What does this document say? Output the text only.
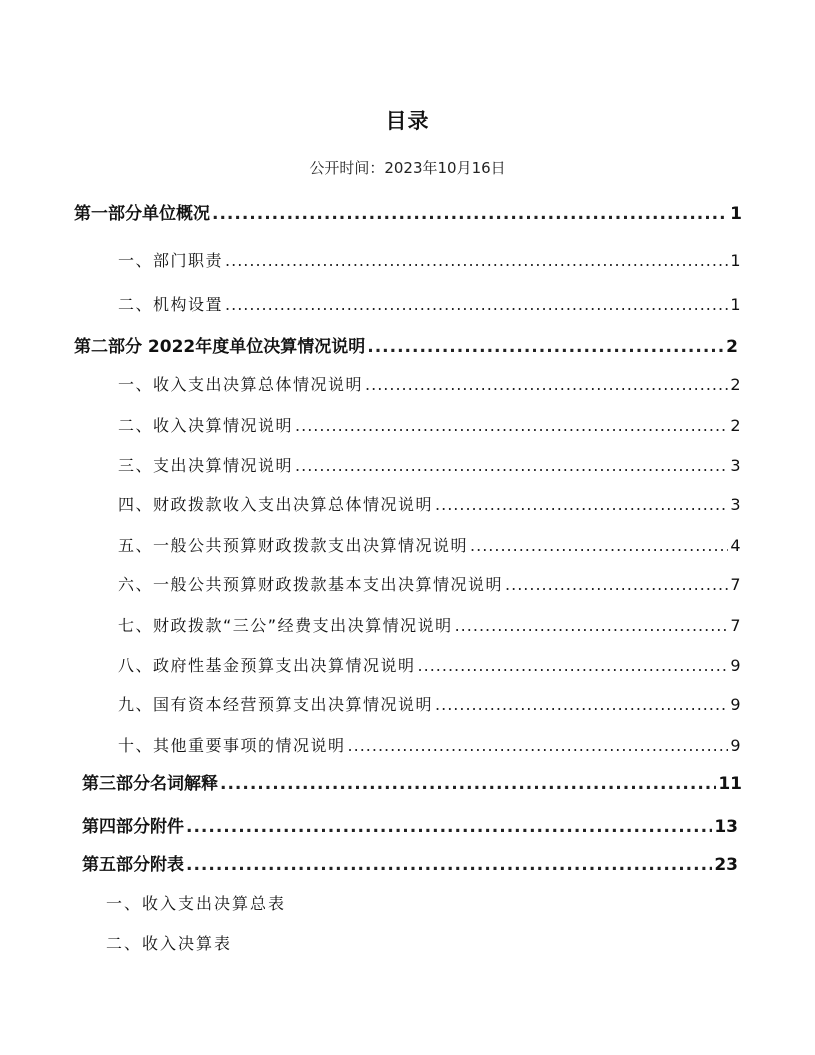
目录
公开时间：2023年10月16日
第一部分单位概况 .....	1
一、部门职责 .....	1
二、机构设置 .....	1
第二部分 2022年度单位决算情况说明 .....	2
一、收入支出决算总体情况说明 .....	2
二、收入决算情况说明 .....	2
三、支出决算情况说明 .....	3
四、财政拨款收入支出决算总体情况说明 .....	3
五、一般公共预算财政拨款支出决算情况说明 .....	4
六、一般公共预算财政拨款基本支出决算情况说明 .....	7
七、财政拨款“三公”经费支出决算情况说明 .....	7
八、政府性基金预算支出决算情况说明 .....	9
九、国有资本经营预算支出决算情况说明 .....	9
十、其他重要事项的情况说明 .....	9
第三部分名词解释 .....	11
第四部分附件 .....	13
第五部分附表 .....	23
一、收入支出决算总表
二、收入决算表
